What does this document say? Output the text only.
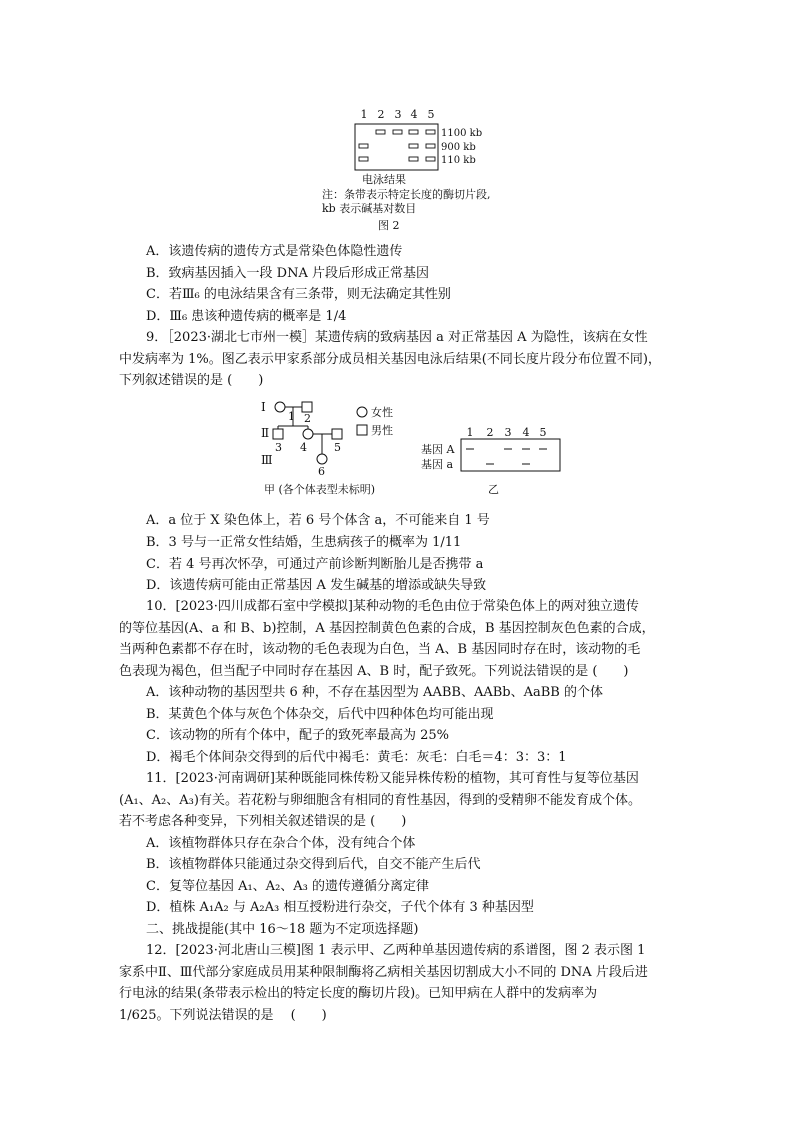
1 2 3 4 5
1100 kb
900 kb
110 kb
电泳结果
注：条带表示特定长度的酶切片段,
kb 表示碱基对数目
图 2
A．该遗传病的遗传方式是常染色体隐性遗传
B．致病基因插入一段 DNA 片段后形成正常基因
C．若Ⅲ₆ 的电泳结果含有三条带，则无法确定其性别
D．Ⅲ₆ 患该种遗传病的概率是 1/4
9．［2023·湖北七市州一模］某遗传病的致病基因 a 对正常基因 A 为隐性，该病在女性
中发病率为 1%。图乙表示甲家系部分成员相关基因电泳后结果(不同长度片段分布位置不同)，
下列叙述错误的是 (　　)
Ⅰ
Ⅱ
Ⅲ
1 2
3 4 5
6
女性
男性
甲 (各个体表型未标明)
1 2 3 4 5
基因 A
基因 a
乙
A．a 位于 X 染色体上，若 6 号个体含 a，不可能来自 1 号
B．3 号与一正常女性结婚，生患病孩子的概率为 1/11
C．若 4 号再次怀孕，可通过产前诊断判断胎儿是否携带 a
D．该遗传病可能由正常基因 A 发生碱基的增添或缺失导致
10．[2023·四川成都石室中学模拟]某种动物的毛色由位于常染色体上的两对独立遗传
的等位基因(A、a 和 B、b)控制，A 基因控制黄色色素的合成，B 基因控制灰色色素的合成，
当两种色素都不存在时，该动物的毛色表现为白色，当 A、B 基因同时存在时，该动物的毛
色表现为褐色，但当配子中同时存在基因 A、B 时，配子致死。下列说法错误的是 (　　)
A．该种动物的基因型共 6 种，不存在基因型为 AABB、AABb、AaBB 的个体
B．某黄色个体与灰色个体杂交，后代中四种体色均可能出现
C．该动物的所有个体中，配子的致死率最高为 25%
D．褐毛个体间杂交得到的后代中褐毛：黄毛：灰毛：白毛＝4：3：3：1
11．[2023·河南调研]某种既能同株传粉又能异株传粉的植物，其可育性与复等位基因
(A₁、A₂、A₃)有关。若花粉与卵细胞含有相同的育性基因，得到的受精卵不能发育成个体。
若不考虑各种变异，下列相关叙述错误的是 (　　)
A．该植物群体只存在杂合个体，没有纯合个体
B．该植物群体只能通过杂交得到后代，自交不能产生后代
C．复等位基因 A₁、A₂、A₃ 的遗传遵循分离定律
D．植株 A₁A₂ 与 A₂A₃ 相互授粉进行杂交，子代个体有 3 种基因型
二、挑战提能(其中 16～18 题为不定项选择题)
12．[2023·河北唐山三模]图 1 表示甲、乙两种单基因遗传病的系谱图，图 2 表示图 1
家系中Ⅱ、Ⅲ代部分家庭成员用某种限制酶将乙病相关基因切割成大小不同的 DNA 片段后进
行电泳的结果(条带表示检出的特定长度的酶切片段)。已知甲病在人群中的发病率为
1/625。下列说法错误的是　 (　　)
